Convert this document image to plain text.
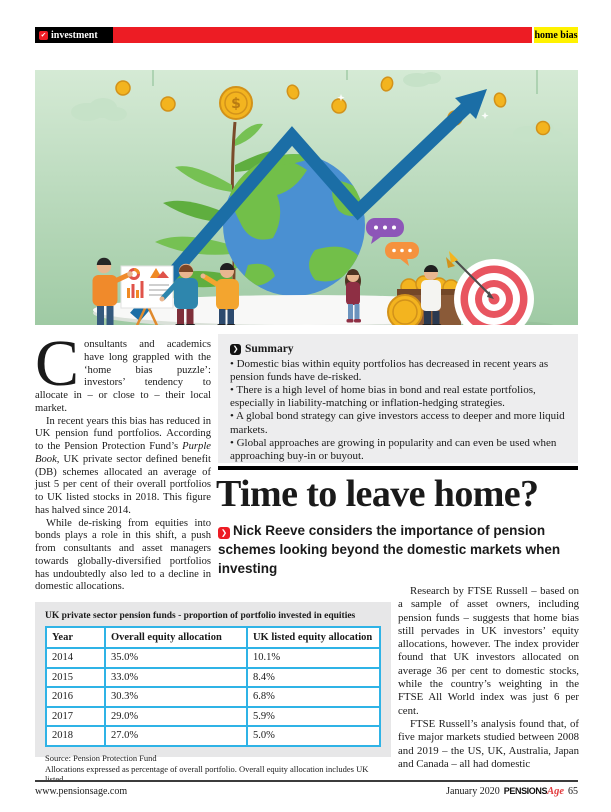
✔ investment	home bias
$

Consultants and academics have long grappled with the ‘home bias puzzle’: investors’ tendency to allocate in – or close to – their local market.

In recent years this bias has reduced in UK pension fund portfolios. According to the Pension Protection Fund’s Purple Book, UK private sector defined benefit (DB) schemes allocated an average of just 5 per cent of their overall portfolios to UK listed stocks in 2018. This figure has halved since 2014.

While de-risking from equities into bonds plays a role in this shift, a push from consultants and asset managers towards globally-diversified portfolios has undoubtedly also led to a decline in domestic allocations.

❯ Summary

• Domestic bias within equity portfolios has decreased in recent years as pension funds have de-risked.

• There is a high level of home bias in bond and real estate portfolios, especially in liability-matching or inflation-hedging strategies.

• A global bond strategy can give investors access to deeper and more liquid markets.

• Global approaches are growing in popularity and can even be used when approaching buy-in or buyout.

Time to leave home?

❯ Nick Reeve considers the importance of pension schemes looking beyond the domestic markets when investing

UK private sector pension funds - proportion of portfolio invested in equities

Year	Overall equity allocation	UK listed equity allocation
2014	35.0%	10.1%
2015	33.0%	8.4%
2016	30.3%	6.8%
2017	29.0%	5.9%
2018	27.0%	5.0%

Source: Pension Protection Fund

Allocations expressed as percentage of overall portfolio. Overall equity allocation includes UK listed.

Research by FTSE Russell – based on a sample of asset owners, including pension funds – suggests that home bias still pervades in UK investors’ equity allocations, however. The index provider found that UK investors allocated on average 36 per cent to domestic stocks, while the country’s weighting in the FTSE All World index was just 6 per cent.

FTSE Russell’s analysis found that, of five major markets studied between 2008 and 2019 – the US, UK, Australia, Japan and Canada – all had domestic

www.pensionsage.com	January 2020 PENSIONS Age 65
